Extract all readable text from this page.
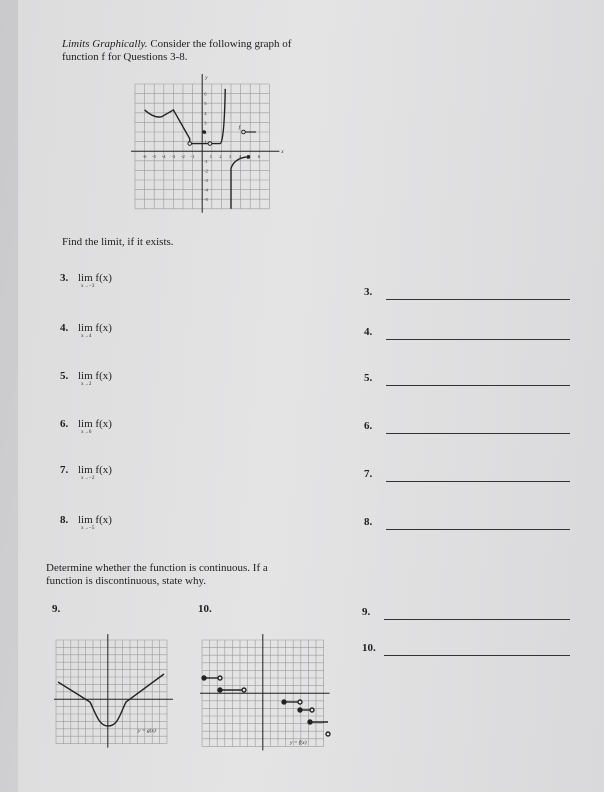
Limits Graphically. Consider the following graph of
function f for Questions 3-8.
-6 -5 -4 -3 -2 -1	1 2 3 4 5 6
6
5
4
3
2
1
-1
-2
-3
-4
-5
y
x
f
Find the limit, if it exists.
3. lim f(x)
x→−3	3.
4. lim f(x)
x→4	4.
5. lim f(x)
x→2
5.
6. lim f(x)
x→6
6.
7. lim f(x)
x→−2	7.
8. lim f(x)
x→−5
8.
Determine whether the function is continuous. If a
function is discontinuous, state why.
9.	10.	9.
10.
y = g(x)
y = f(x)
